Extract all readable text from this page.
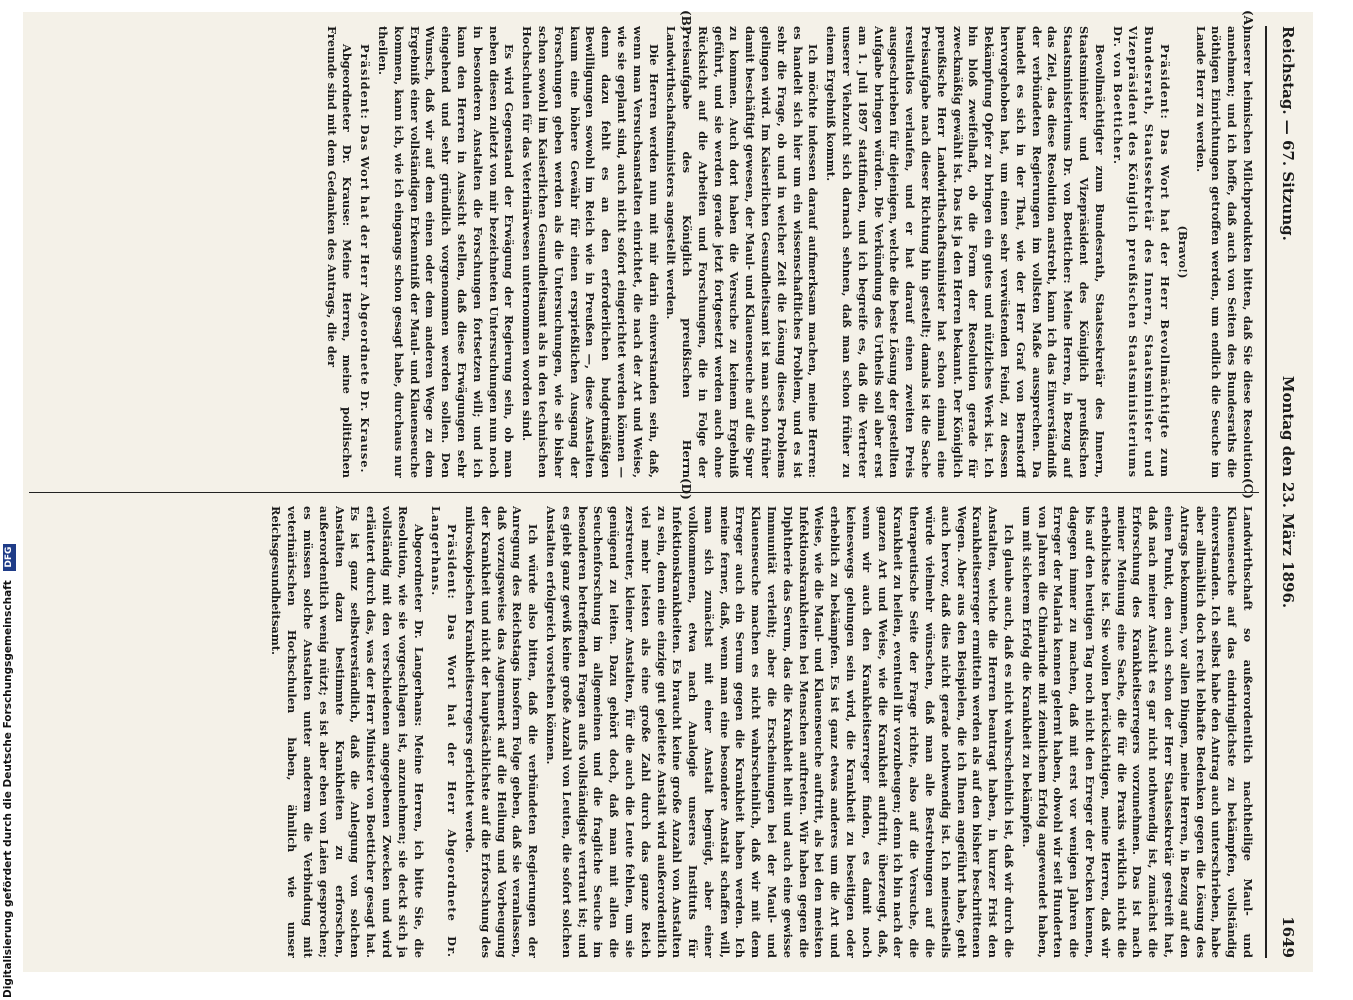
Reichstag. — 67. Sitzung.
Montag den 23. März 1896.
1649
(A)
(B)
(C)
(D)

unserer heimischen Milchprodukten bitten, daß Sie diese Resolution annehmen; und ich hoffe, daß auch von Seiten des Bundesraths die nöthigen Einrichtungen getroffen werden, um endlich die Seuche im Lande Herr zu werden.

(Bravo!)

Präsident: Das Wort hat der Herr Bevollmächtigte zum Bundesrath, Staatssekretär des Innern, Staatsminister und Vizepräsident des Königlich preußischen Staatsministeriums Dr. von Boetticher.

Bevollmächtigter zum Bundesrath, Staatssekretär des Innern, Staatsminister und Vizepräsident des Königlich preußischen Staatsministeriums Dr. von Boetticher: Meine Herren, in Bezug auf das Ziel, das diese Resolution anstrebt, kann ich das Einverständniß der verbündeten Regierungen im vollsten Maße aussprechen. Da handelt es sich in der That, wie der Herr Graf von Bernstorff hervorgehoben hat, um einen sehr verwüstenden Feind, zu dessen Bekämpfung Opfer zu bringen ein gutes und nützliches Werk ist. Ich bin bloß zweifelhaft, ob die Form der Resolution gerade für zweckmäßig gewählt ist. Das ist ja den Herren bekannt. Der Königlich preußische Herr Landwirthschaftsminister hat schon einmal eine Preisaufgabe nach dieser Richtung hin gestellt; damals ist die Sache resultatlos verlaufen, und er hat darauf einen zweiten Preis ausgeschrieben für diejenigen, welche die beste Lösung der gestellten Aufgabe bringen würden. Die Verkündung des Urtheils soll aber erst am 1. Juli 1897 stattfinden, und ich begreife es, daß die Vertreter unserer Viehzucht sich darnach sehnen, daß man schon früher zu einem Ergebniß kommt.

Ich möchte indessen darauf aufmerksam machen, meine Herren: es handelt sich hier um ein wissenschaftliches Problem, und es ist sehr die Frage, ob und in welcher Zeit die Lösung dieses Problems gelingen wird. Im Kaiserlichen Gesundheitsamt ist man schon früher damit beschäftigt gewesen, der Maul- und Klauenseuche auf die Spur zu kommen. Auch dort haben die Versuche zu keinem Ergebniß geführt, und sie werden gerade jetzt fortgesetzt werden auch ohne Rücksicht auf die Arbeiten und Forschungen, die in Folge der Preisaufgabe des Königlich preußischen Herrn Landwirthschaftsministers angestellt werden.

Die Herren werden nun mit mir darin einverstanden sein, daß, wenn man Versuchsanstalten einrichtet, die nach der Art und Weise, wie sie geplant sind, auch nicht sofort eingerichtet werden können — denn dazu fehlt es an den erforderlichen budgetmäßigen Bewilligungen sowohl im Reich wie in Preußen —, diese Anstalten kaum eine höhere Gewähr für einen ersprießlichen Ausgang der Forschungen geben werden als die Untersuchungen, wie sie bisher schon sowohl im Kaiserlichen Gesundheitsamt als in den technischen Hochschulen für das Veterinärwesen unternommen worden sind.

Es wird Gegenstand der Erwägung der Regierung sein, ob man neben diesen zuletzt von mir bezeichneten Untersuchungen nun noch in besonderen Anstalten die Forschungen fortsetzen will; und ich kann den Herren in Aussicht stellen, daß diese Erwägungen sehr eingehend und sehr gründlich vorgenommen werden sollen. Den Wunsch, daß wir auf dem einen oder dem anderen Wege zu dem Ergebniß einer vollständigen Erkenntniß der Maul- und Klauenseuche kommen, kann ich, wie ich eingangs schon gesagt habe, durchaus nur theilen.

Präsident: Das Wort hat der Herr Abgeordnete Dr. Krause.

Abgeordneter Dr. Krause: Meine Herren, meine politischen Freunde sind mit dem Gedanken des Antrags, die der

Landwirthschaft so außerordentlich nachtheilige Maul- und Klauenseuche auf das eindringlichste zu bekämpfen, vollständig einverstanden. Ich selbst habe den Antrag auch unterschrieben, habe aber allmählich doch recht lebhafte Bedenken gegen die Lösung des Antrags bekommen, vor allen Dingen, meine Herren, in Bezug auf den einen Punkt, den auch schon der Herr Staatssekretär gestreift hat, daß nach meiner Ansicht es gar nicht nothwendig ist, zunächst die Erforschung des Krankheitserregers vorzunehmen. Das ist nach meiner Meinung eine Sache, die für die Praxis wirklich nicht die erheblichste ist. Sie wollen berücksichtigen, meine Herren, daß wir bis auf den heutigen Tag noch nicht den Erreger der Pocken kennen, dagegen immer zu machen, daß mit erst vor wenigen Jahren die Erreger der Malaria kennen gelernt haben, obwohl wir seit Hunderten von Jahren die Chinarinde mit ziemlichem Erfolg angewendet haben, um mit sicherem Erfolg die Krankheit zu bekämpfen.

Ich glaube auch, daß es nicht wahrscheinlich ist, daß wir durch die Anstalten, welche die Herren beantragt haben, in kurzer Frist den Krankheitserreger ermitteln werden als auf den bisher beschrittenen Wegen. Aber aus den Beispielen, die ich Ihnen angeführt habe, geht auch hervor, daß dies nicht gerade nothwendig ist. Ich meinestheils würde vielmehr wünschen, daß man alle Bestrebungen auf die therapeutische Seite der Frage richte, also auf die Versuche, die Krankheit zu heilen, eventuell ihr vorzubeugen; denn ich bin nach der ganzen Art und Weise, wie die Krankheit auftritt, überzeugt, daß, wenn wir auch den Krankheitserreger finden, es damit noch keineswegs gelungen sein wird, die Krankheit zu beseitigen oder erheblich zu bekämpfen. Es ist ganz etwas anderes um die Art und Weise, wie die Maul- und Klauenseuche auftritt, als bei den meisten Infektionskrankheiten bei Menschen auftreten. Wir haben gegen die Diphtherie das Serum, das die Krankheit heilt und auch eine gewisse Immunität verleiht; aber die Erscheinungen bei der Maul- und Klauenseuche machen es nicht wahrscheinlich, daß wir mit dem Erreger auch ein Serum gegen die Krankheit haben werden. Ich meine ferner, daß, wenn man eine besondere Anstalt schaffen will, man sich zunächst mit einer Anstalt begnügt, aber einer vollkommenen, etwa nach Analogie unseres Instituts für Infektionskrankheiten. Es braucht keine große Anzahl von Anstalten zu sein, denn eine einzige gut geleitete Anstalt wird außerordentlich viel mehr leisten als eine große Zahl durch das ganze Reich zerstreuter, kleiner Anstalten, für die auch die Leute fehlen, um sie genügend zu leiten. Dazu gehört doch, daß man mit allen die Seuchenforschung im allgemeinen und die fragliche Seuche im besonderen betreffenden Fragen aufs vollständigste vertraut ist; und es giebt ganz gewiß keine große Anzahl von Leuten, die sofort solchen Anstalten erfolgreich vorstehen können.

Ich würde also bitten, daß die verbündeten Regierungen der Anregung des Reichstags insofern Folge geben, daß sie veranlassen, daß vorzugsweise das Augenmerk auf die Heilung und Vorbeugung der Krankheit und nicht der hauptsächlichste auf die Erforschung des mikroskopischen Krankheitserregers gerichtet werde.

Präsident: Das Wort hat der Herr Abgeordnete Dr. Langerhans.

Abgeordneter Dr. Langerhans: Meine Herren, ich bitte Sie, die Resolution, wie sie vorgeschlagen ist, anzunehmen; sie deckt sich ja vollständig mit den verschiedenen angegebenen Zwecken und wird erläutert durch das, was der Herr Minister von Boetticher gesagt hat. Es ist ganz selbstverständlich, daß die Anlegung von solchen Anstalten dazu bestimmte Krankheiten zu erforschen, außerordentlich wenig nützt; es ist aber eben von Laien gesprochen; es müssen solche Anstalten unter anderem die Verbindung mit veterinärischen Hochschulen haben, ähnlich wie unser Reichsgesundheitsamt.

Digitalisierung gefördert durch die Deutsche Forschungsgemeinschaft DFG
